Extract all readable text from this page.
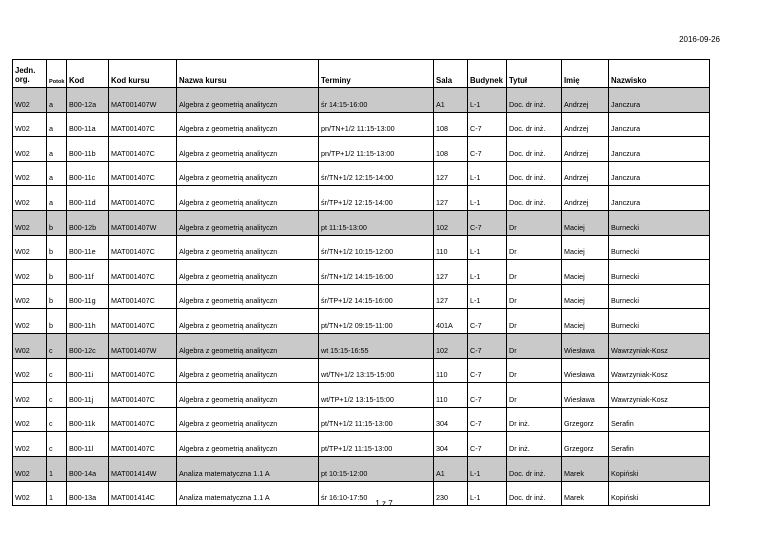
2016-09-26
Jedn. org.	Potok	Kod	Kod kursu	Nazwa kursu	Terminy	Sala	Budynek	Tytuł	Imię	Nazwisko
W02	a	B00-12a	MAT001407W	Algebra z geometrią analityczn	śr 14:15-16:00	A1	L-1	Doc. dr inż.	Andrzej	Janczura
W02	a	B00-11a	MAT001407C	Algebra z geometrią analityczn	pn/TN+1/2 11:15-13:00	108	C-7	Doc. dr inż.	Andrzej	Janczura
W02	a	B00-11b	MAT001407C	Algebra z geometrią analityczn	pn/TP+1/2 11:15-13:00	108	C-7	Doc. dr inż.	Andrzej	Janczura
W02	a	B00-11c	MAT001407C	Algebra z geometrią analityczn	śr/TN+1/2 12:15-14:00	127	L-1	Doc. dr inż.	Andrzej	Janczura
W02	a	B00-11d	MAT001407C	Algebra z geometrią analityczn	śr/TP+1/2 12:15-14:00	127	L-1	Doc. dr inż.	Andrzej	Janczura
W02	b	B00-12b	MAT001407W	Algebra z geometrią analityczn	pt 11:15-13:00	102	C-7	Dr	Maciej	Burnecki
W02	b	B00-11e	MAT001407C	Algebra z geometrią analityczn	śr/TN+1/2 10:15-12:00	110	L-1	Dr	Maciej	Burnecki
W02	b	B00-11f	MAT001407C	Algebra z geometrią analityczn	śr/TN+1/2 14:15-16:00	127	L-1	Dr	Maciej	Burnecki
W02	b	B00-11g	MAT001407C	Algebra z geometrią analityczn	śr/TP+1/2 14:15-16:00	127	L-1	Dr	Maciej	Burnecki
W02	b	B00-11h	MAT001407C	Algebra z geometrią analityczn	pt/TN+1/2 09:15-11:00	401A	C-7	Dr	Maciej	Burnecki
W02	c	B00-12c	MAT001407W	Algebra z geometrią analityczn	wt 15:15-16:55	102	C-7	Dr	Wiesława	Wawrzyniak-Kosz
W02	c	B00-11i	MAT001407C	Algebra z geometrią analityczn	wt/TN+1/2 13:15-15:00	110	C-7	Dr	Wiesława	Wawrzyniak-Kosz
W02	c	B00-11j	MAT001407C	Algebra z geometrią analityczn	wt/TP+1/2 13:15-15:00	110	C-7	Dr	Wiesława	Wawrzyniak-Kosz
W02	c	B00-11k	MAT001407C	Algebra z geometrią analityczn	pt/TN+1/2 11:15-13:00	304	C-7	Dr inż.	Grzegorz	Serafin
W02	c	B00-11l	MAT001407C	Algebra z geometrią analityczn	pt/TP+1/2 11:15-13:00	304	C-7	Dr inż.	Grzegorz	Serafin
W02	1	B00-14a	MAT001414W	Analiza matematyczna 1.1 A	pt 10:15-12:00	A1	L-1	Doc. dr inż.	Marek	Kopiński
W02	1	B00-13a	MAT001414C	Analiza matematyczna 1.1 A	śr 16:10-17:50	230	L-1	Doc. dr inż.	Marek	Kopiński
1 z 7
